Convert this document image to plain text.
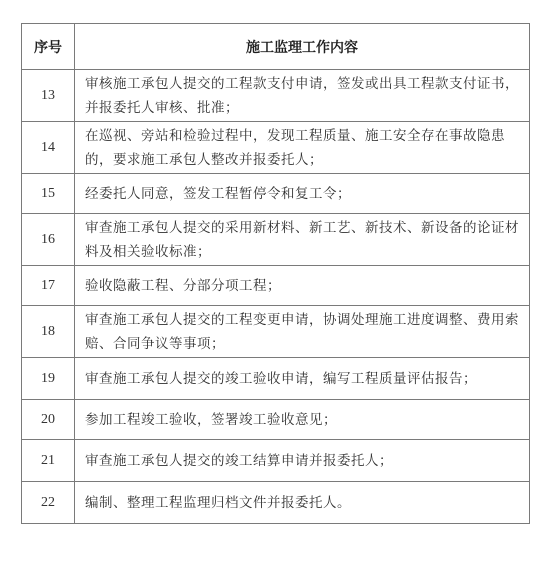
序号	施工监理工作内容
13	审核施工承包人提交的工程款支付申请，签发或出具工程款支付证书，并报委托人审核、批准；
14	在巡视、旁站和检验过程中，发现工程质量、施工安全存在事故隐患的，要求施工承包人整改并报委托人；
15	经委托人同意，签发工程暂停令和复工令；
16	审查施工承包人提交的采用新材料、新工艺、新技术、新设备的论证材料及相关验收标准；
17	验收隐蔽工程、分部分项工程；
18	审查施工承包人提交的工程变更申请，协调处理施工进度调整、费用索赔、合同争议等事项；
19	审查施工承包人提交的竣工验收申请，编写工程质量评估报告；
20	参加工程竣工验收，签署竣工验收意见；
21	审查施工承包人提交的竣工结算申请并报委托人；
22	编制、整理工程监理归档文件并报委托人。
